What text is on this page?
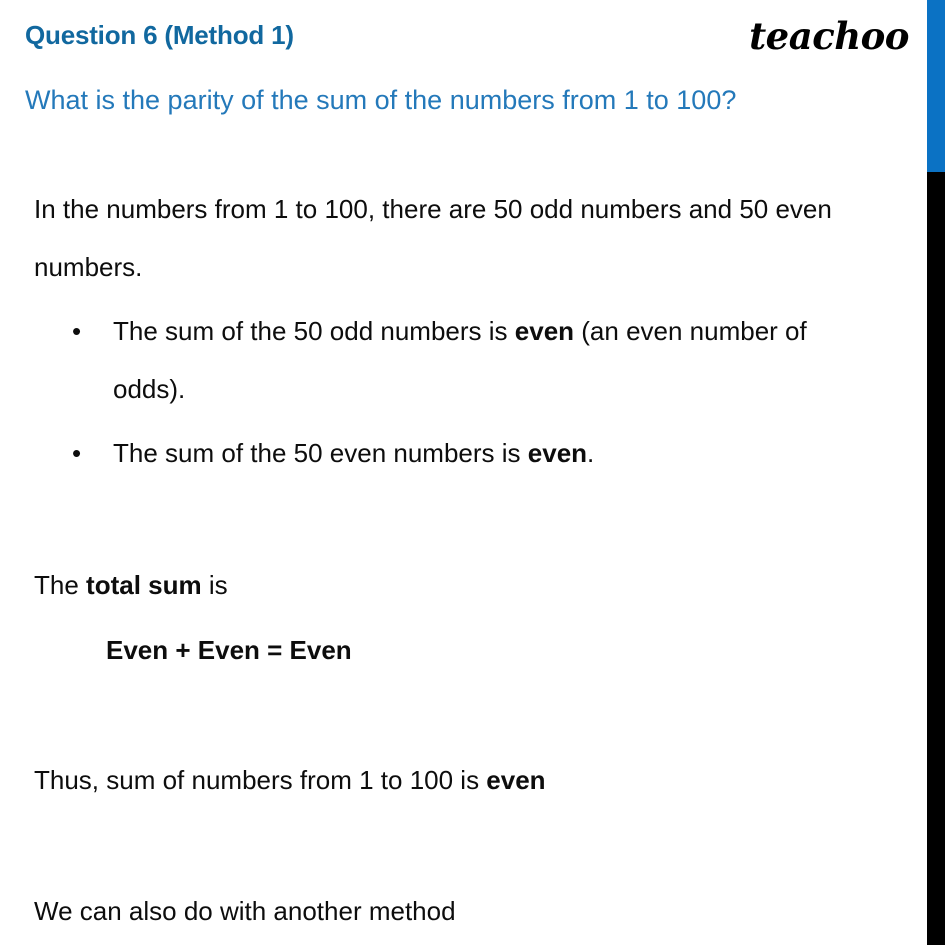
Question 6 (Method 1)	teachoo
What is the parity of the sum of the numbers from 1 to 100?
In the numbers from 1 to 100, there are 50 odd numbers and 50 even numbers.
• The sum of the 50 odd numbers is even (an even number of odds).
• The sum of the 50 even numbers is even.
The total sum is
Even + Even = Even
Thus, sum of numbers from 1 to 100 is even
We can also do with another method
